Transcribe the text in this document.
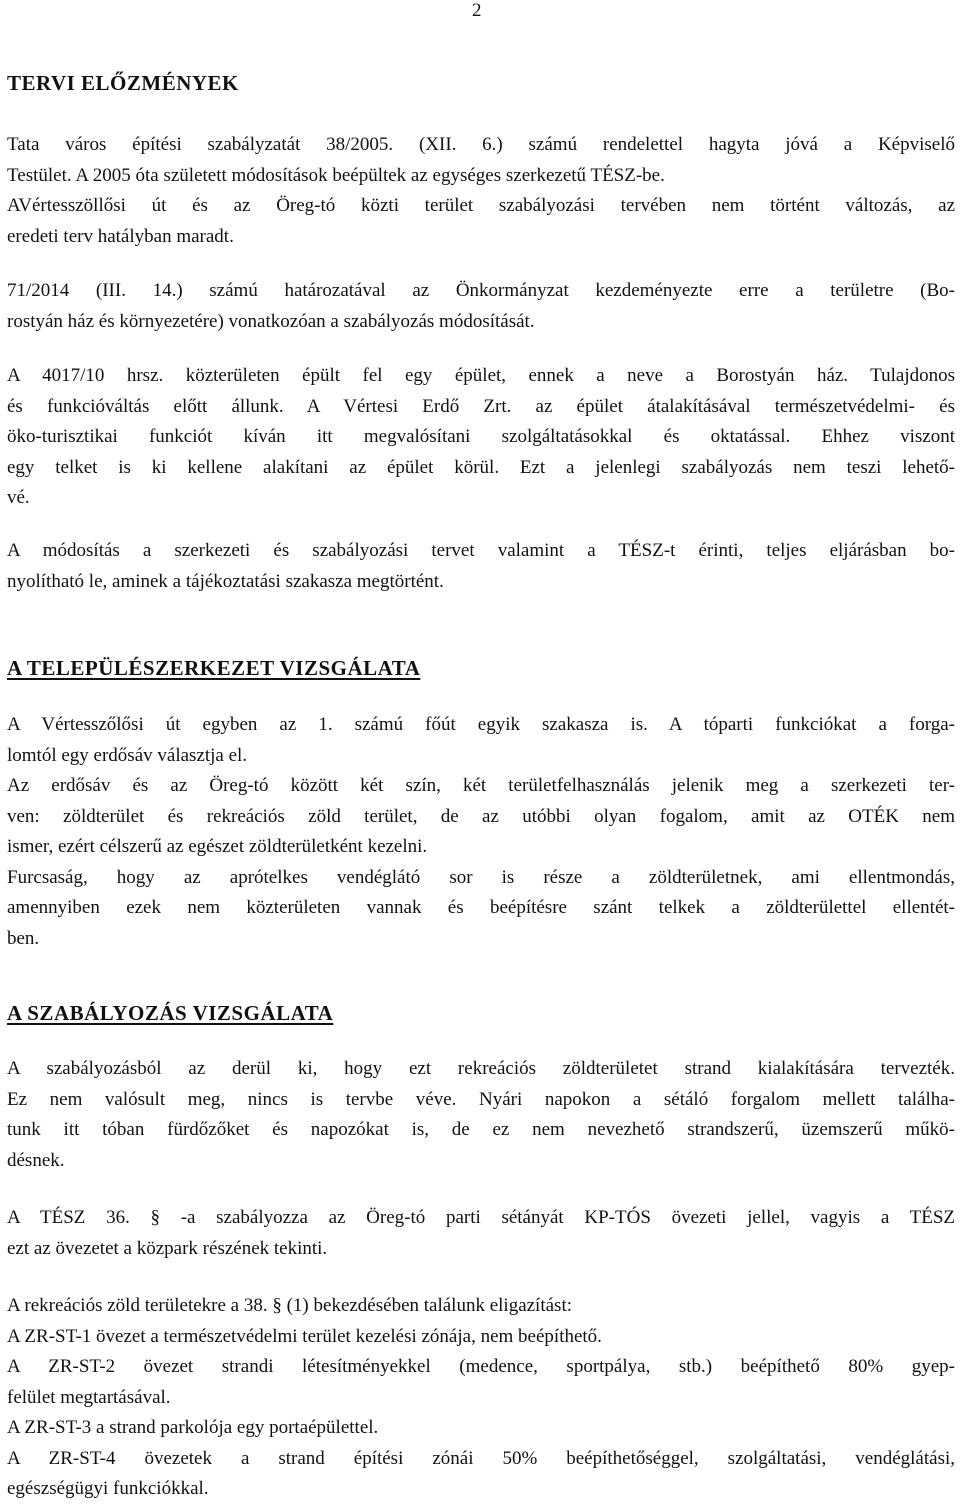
2
TERVI ELŐZMÉNYEK
Tata város építési szabályzatát 38/2005. (XII. 6.) számú rendelettel hagyta jóvá a Képviselő
Testület. A 2005 óta született módosítások beépültek az egységes szerkezetű TÉSZ-be.
AVértesszöllősi út és az Öreg-tó közti terület szabályozási tervében nem történt változás, az
eredeti terv hatályban maradt.
71/2014 (III. 14.) számú határozatával az Önkormányzat kezdeményezte erre a területre (Bo-
rostyán ház és környezetére) vonatkozóan a szabályozás módosítását.
A 4017/10 hrsz. közterületen épült fel egy épület, ennek a neve a Borostyán ház. Tulajdonos
és funkcióváltás előtt állunk. A Vértesi Erdő Zrt. az épület átalakításával természetvédelmi- és
öko-turisztikai funkciót kíván itt megvalósítani szolgáltatásokkal és oktatással. Ehhez viszont
egy telket is ki kellene alakítani az épület körül. Ezt a jelenlegi szabályozás nem teszi lehető-
vé.
A módosítás a szerkezeti és szabályozási tervet valamint a TÉSZ-t érinti, teljes eljárásban bo-
nyolítható le, aminek a tájékoztatási szakasza megtörtént.
A TELEPÜLÉSZERKEZET VIZSGÁLATA
A Vértesszőlősi út egyben az 1. számú főút egyik szakasza is. A tóparti funkciókat a forga-
lomtól egy erdősáv választja el.
Az erdősáv és az Öreg-tó között két szín, két területfelhasználás jelenik meg a szerkezeti ter-
ven: zöldterület és rekreációs zöld terület, de az utóbbi olyan fogalom, amit az OTÉK nem
ismer, ezért célszerű az egészet zöldterületként kezelni.
Furcsaság, hogy az aprótelkes vendéglátó sor is része a zöldterületnek, ami ellentmondás,
amennyiben ezek nem közterületen vannak és beépítésre szánt telkek a zöldterülettel ellentét-
ben.
A SZABÁLYOZÁS VIZSGÁLATA
A szabályozásból az derül ki, hogy ezt rekreációs zöldterületet strand kialakítására tervezték.
Ez nem valósult meg, nincs is tervbe véve. Nyári napokon a sétáló forgalom mellett találha-
tunk itt tóban fürdőzőket és napozókat is, de ez nem nevezhető strandszerű, üzemszerű műkö-
désnek.
A TÉSZ 36. § -a szabályozza az Öreg-tó parti sétányát KP-TÓS övezeti jellel, vagyis a TÉSZ
ezt az övezetet a közpark részének tekinti.
A rekreációs zöld területekre a 38. § (1) bekezdésében találunk eligazítást:
A ZR-ST-1 övezet a természetvédelmi terület kezelési zónája, nem beépíthető.
A ZR-ST-2 övezet strandi létesítményekkel (medence, sportpálya, stb.) beépíthető 80% gyep-
felület megtartásával.
A ZR-ST-3 a strand parkolója egy portaépülettel.
A ZR-ST-4 övezetek a strand építési zónái 50% beépíthetőséggel, szolgáltatási, vendéglátási,
egészségügyi funkciókkal.
